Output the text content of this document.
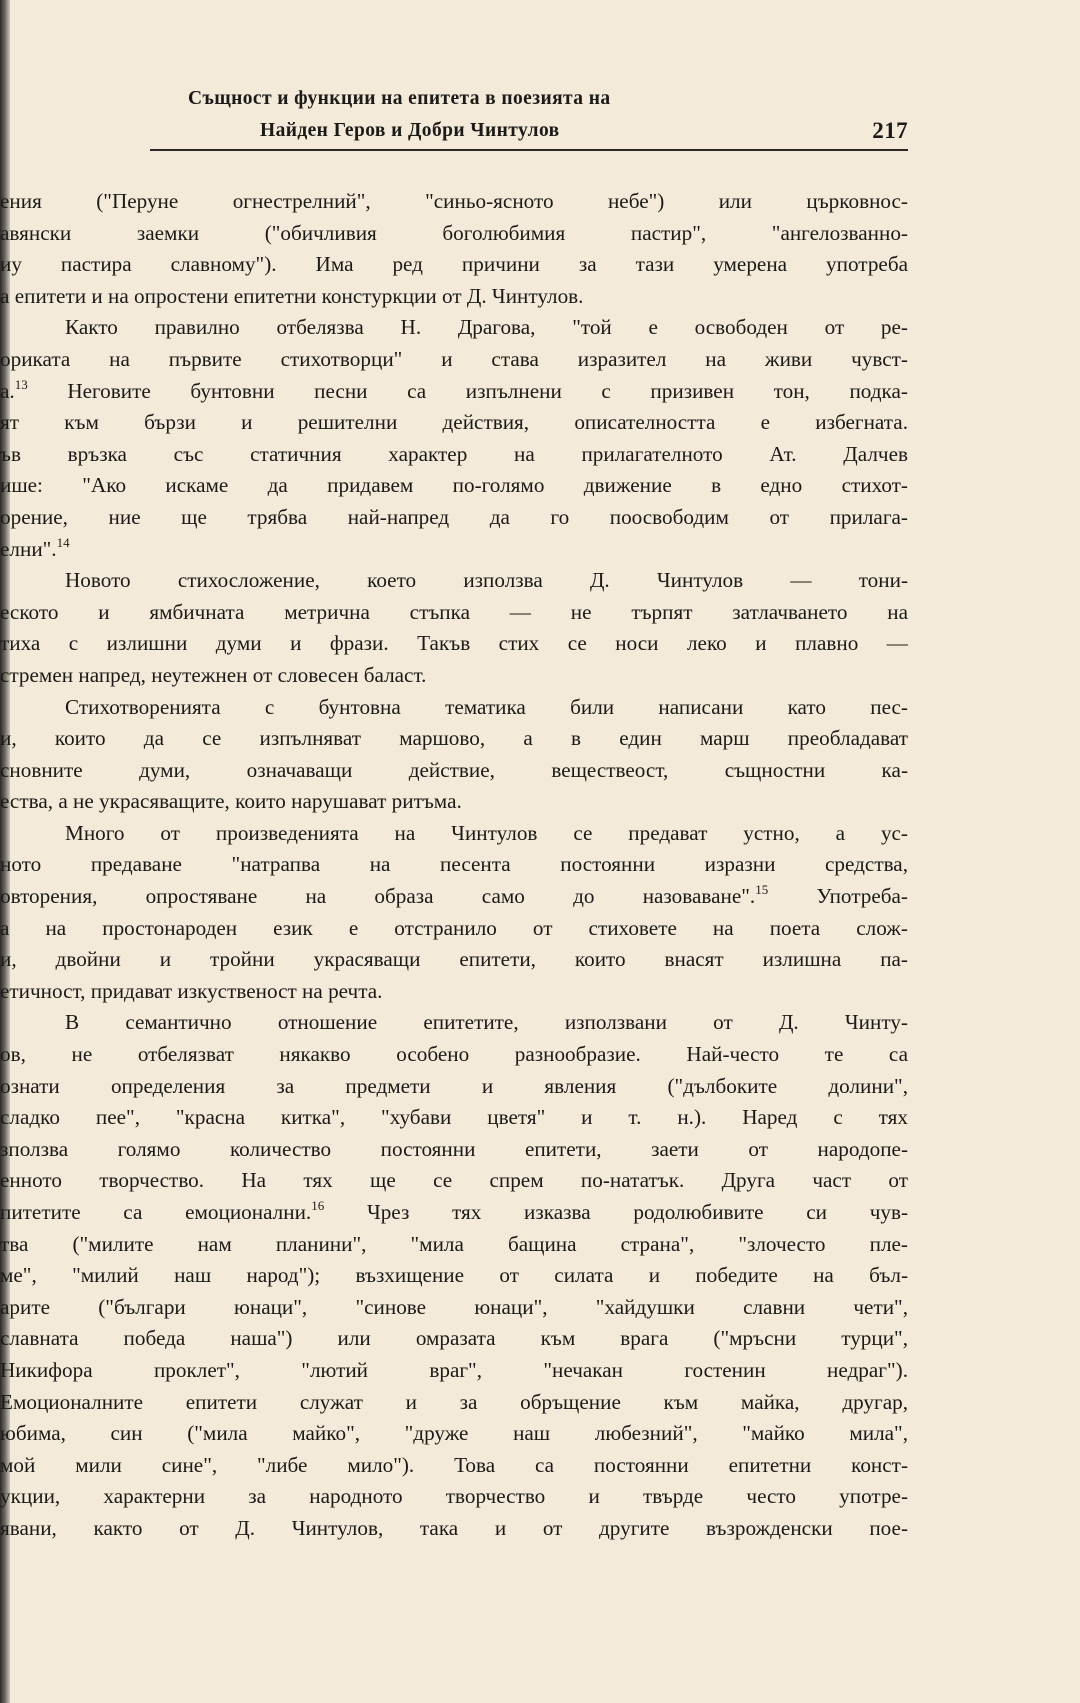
Същност и функции на епитета в поезията на
Найден Геров и Добри Чинтулов	217
ения ("Перуне огнестрелний", "синьо-ясното небе") или църковнос-
авянски заемки ("обичливия боголюбимия пастир", "ангелозванно-
иу пастира славному"). Има ред причини за тази умерена употреба
а епитети и на опростени епитетни констуркции от Д. Чинтулов.
Както правилно отбелязва Н. Драгова, "той е освободен от ре-
ориката на първите стихотворци" и става изразител на живи чувст-
а.$^{13}$ Неговите бунтовни песни са изпълнени с призивен тон, подка-
ят към бързи и решителни действия, описателността е избегната.
ъв връзка със статичния характер на прилагателното Ат. Далчев
ише: "Ако искаме да придавем по-голямо движение в едно стихот-
орение, ние ще трябва най-напред да го поосвободим от прилага-
елни".$^{14}$
Новото стихосложение, което използва Д. Чинтулов — тони-
еското и ямбичната метрична стъпка — не търпят затлачването на
тиха с излишни думи и фрази. Такъв стих се носи леко и плавно —
стремен напред, неутежнен от словесен баласт.
Стихотворенията с бунтовна тематика били написани като пес-
и, които да се изпълняват маршово, а в един марш преобладават
сновните думи, означаващи действие, веществеост, същностни ка-
ества, а не украсяващите, които нарушават ритъма.
Много от произведенията на Чинтулов се предават устно, а ус-
ното предаване "натрапва на песента постоянни изразни средства,
овторения, опростяване на образа само до назоваване".$^{15}$ Употреба-
а на простонароден език е отстранило от стиховете на поета слож-
и, двойни и тройни украсяващи епитети, които внасят излишна па-
етичност, придават изкуственост на речта.
В семантично отношение епитетите, използвани от Д. Чинту-
ов, не отбелязват някакво особено разнообразие. Най-често те са
ознати определения за предмети и явления ("дълбоките долини",
сладко пее", "красна китка", "хубави цветя" и т. н.). Наред с тях
зползва голямо количество постоянни епитети, заети от народопе-
енното творчество. На тях ще се спрем по-нататък. Друга част от
питетите са емоционални.$^{16}$ Чрез тях изказва родолюбивите си чув-
тва ("милите нам планини", "мила бащина страна", "злочесто пле-
ме", "милий наш народ"); възхищение от силата и победите на бъл-
арите ("българи юнаци", "синове юнаци", "хайдушки славни чети",
славната победа наша") или омразата към врага ("мръсни турци",
Никифора проклет", "лютий враг", "нечакан гостенин недраг").
Емоционалните епитети служат и за обръщение към майка, другар,
юбима, син ("мила майко", "друже наш любезний", "майко мила",
мой мили сине", "либе мило"). Това са постоянни епитетни конст-
укции, характерни за народното творчество и твърде често употре-
явани, както от Д. Чинтулов, така и от другите възрожденски пое-
